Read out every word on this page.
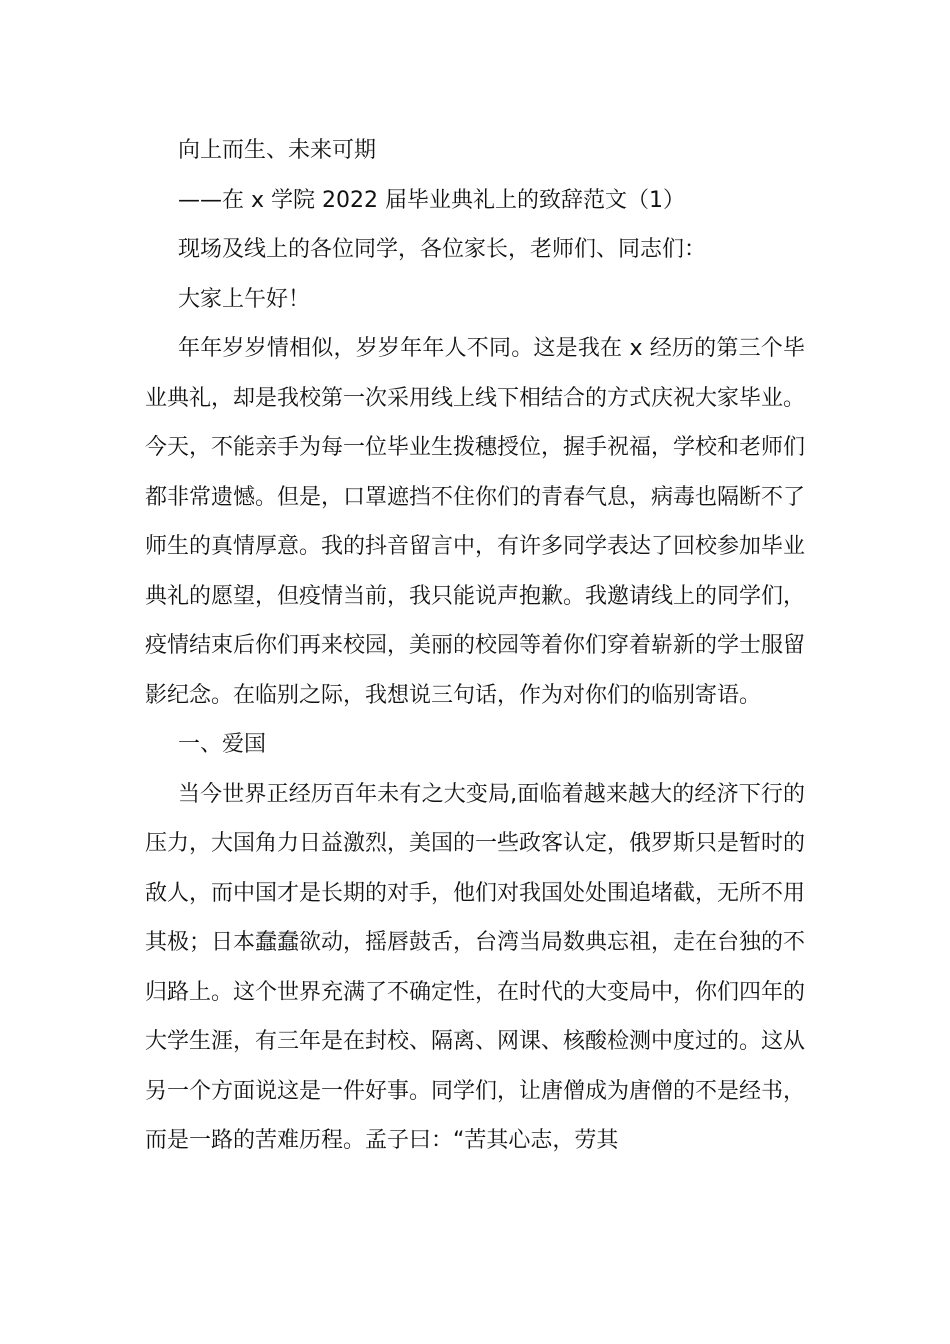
向上而生、未来可期

——在 x 学院 2022 届毕业典礼上的致辞范文（1）

现场及线上的各位同学，各位家长，老师们、同志们：

大家上午好！

年年岁岁情相似，岁岁年年人不同。这是我在 x 经历的第三个毕业典礼，却是我校第一次采用线上线下相结合的方式庆祝大家毕业。今天，不能亲手为每一位毕业生拨穗授位，握手祝福，学校和老师们都非常遗憾。但是，口罩遮挡不住你们的青春气息，病毒也隔断不了师生的真情厚意。我的抖音留言中，有许多同学表达了回校参加毕业典礼的愿望，但疫情当前，我只能说声抱歉。我邀请线上的同学们，疫情结束后你们再来校园，美丽的校园等着你们穿着崭新的学士服留影纪念。在临别之际，我想说三句话，作为对你们的临别寄语。

一、爱国

当今世界正经历百年未有之大变局,面临着越来越大的经济下行的压力，大国角力日益激烈，美国的一些政客认定，俄罗斯只是暂时的敌人，而中国才是长期的对手，他们对我国处处围追堵截，无所不用其极；日本蠢蠢欲动，摇唇鼓舌，台湾当局数典忘祖，走在台独的不归路上。这个世界充满了不确定性，在时代的大变局中，你们四年的大学生涯，有三年是在封校、隔离、网课、核酸检测中度过的。这从另一个方面说这是一件好事。同学们，让唐僧成为唐僧的不是经书，而是一路的苦难历程。孟子曰：“苦其心志，劳其
